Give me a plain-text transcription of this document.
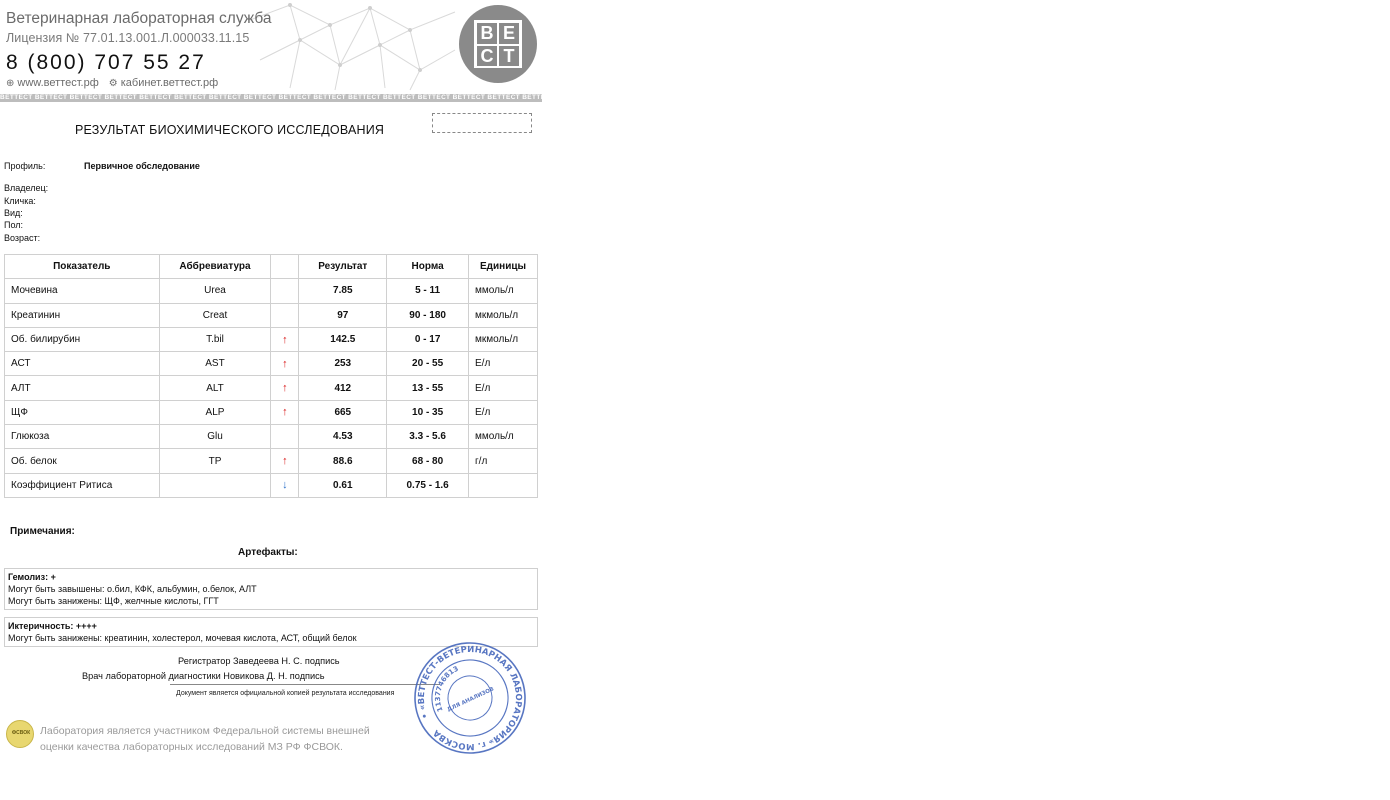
Ветеринарная лабораторная служба
Лицензия № 77.01.13.001.Л.000033.11.15
8 (800) 707 55 27
⊕ www.веттест.рф ⚙ кабинет.веттест.рф
В Е
С Т
ВЕТТЕСТ ВЕТТЕСТ ВЕТТЕСТ ВЕТТЕСТ ВЕТТЕСТ ВЕТТЕСТ ВЕТТЕСТ ВЕТТЕСТ ВЕТТЕСТ ВЕТТЕСТ ВЕТТЕСТ ВЕТТЕСТ ВЕТТЕСТ ВЕТТЕСТ ВЕТТЕСТ ВЕТТЕСТ ВЕТТЕСТ ВЕТТЕСТ ВЕТТЕСТ ВЕТТЕСТ ВЕТТЕСТ ВЕТТЕСТ ВЕТТЕСТ ВЕТТЕСТ ВЕТТЕСТ ВЕТТЕСТ ВЕТТЕСТ ВЕТТЕСТ ВЕТТЕСТ ВЕТТЕСТ ВЕТТЕСТ ВЕТТЕСТ ВЕТТЕСТ ВЕТТЕСТ ВЕТТЕСТ ВЕТТЕСТ ВЕТТЕСТ ВЕТТЕСТ ВЕТТЕСТ ВЕТТЕСТ
РЕЗУЛЬТАТ БИОХИМИЧЕСКОГО ИССЛЕДОВАНИЯ
Профиль:	Первичное обследование
Владелец:
Кличка:
Вид:
Пол:
Возраст:
Показатель	Аббревиатура		Результат	Норма	Единицы
Мочевина	Urea		7.85	5 - 11	ммоль/л
Креатинин	Creat		97	90 - 180	мкмоль/л
Об. билирубин	T.bil	↑	142.5	0 - 17	мкмоль/л
АСТ	AST	↑	253	20 - 55	Е/л
АЛТ	ALT	↑	412	13 - 55	Е/л
ЩФ	ALP	↑	665	10 - 35	Е/л
Глюкоза	Glu		4.53	3.3 - 5.6	ммоль/л
Об. белок	TP	↑	88.6	68 - 80	г/л
Коэффициент Ритиса		↓	0.61	0.75 - 1.6	
Примечания:
Артефакты:
Гемолиз: +
Могут быть завышены: о.бил, КФК, альбумин, о.белок, АЛТ
Могут быть занижены: ЩФ, желчные кислоты, ГГТ
Иктеричность: ++++
Могут быть занижены: креатинин, холестерол, мочевая кислота, АСТ, общий белок
Регистратор Заведеева Н. С. подпись
Врач лабораторной диагностики Новикова Д. Н. подпись
Документ является официальной копией результата исследования
ФСВОК Лаборатория является участником Федеральной системы внешней
оценки качества лабораторных исследований МЗ РФ ФСВОК.
• «ВЕТТЕСТ-ВЕТЕРИНАРНАЯ ЛАБОРАТОРИЯ» г. МОСКВА
1137746813
ДЛЯ АНАЛИЗОВ
